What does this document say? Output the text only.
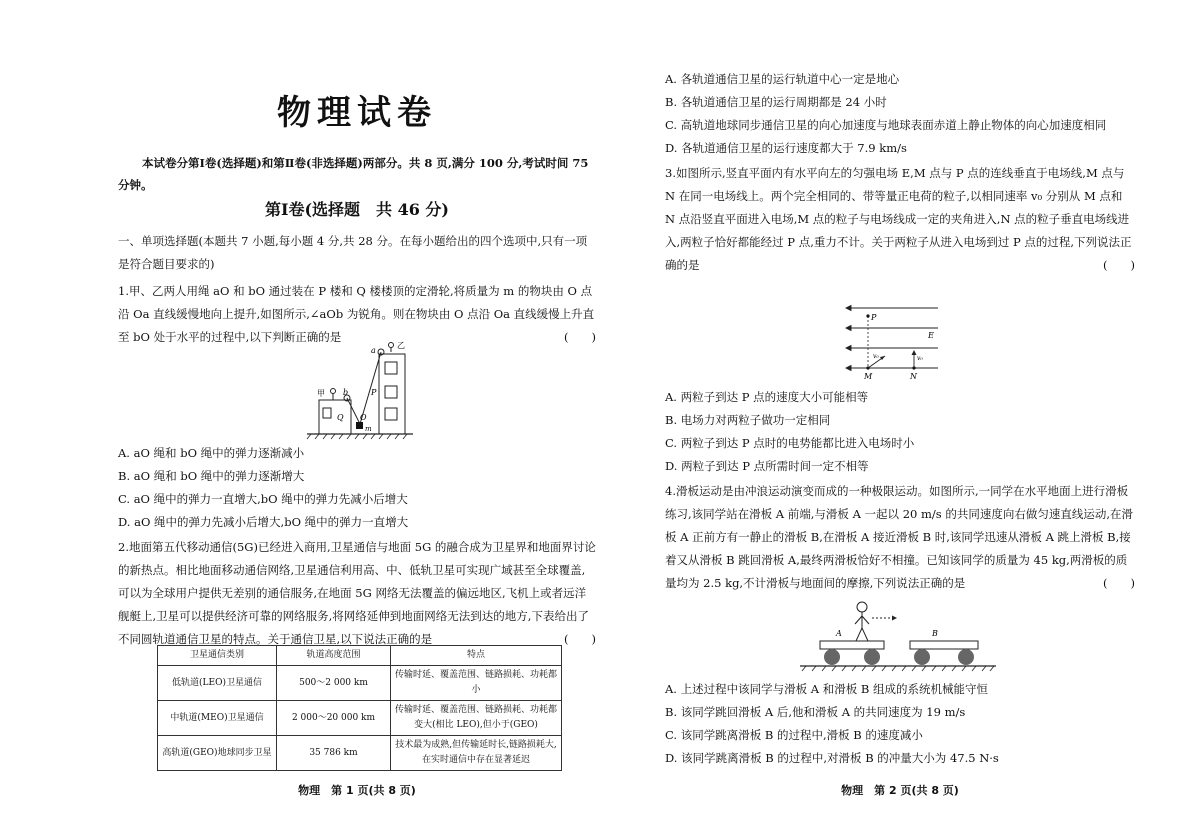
物理试卷
本试卷分第Ⅰ卷(选择题)和第Ⅱ卷(非选择题)两部分。共 8 页,满分 100 分,考试时间 75 分钟。
第Ⅰ卷(选择题　共 46 分)

一、单项选择题(本题共 7 小题,每小题 4 分,共 28 分。在每小题给出的四个选项中,只有一项是符合题目要求的)

1.甲、乙两人用绳 aO 和 bO 通过装在 P 楼和 Q 楼楼顶的定滑轮,将质量为 m 的物块由 O 点沿 Oa 直线缓慢地向上提升,如图所示,∠aOb 为锐角。则在物块由 O 点沿 Oa 直线缓慢上升直至 bO 处于水平的过程中,以下判断正确的是	(　　)

a
乙
甲 b	P
Q O
m

A. aO 绳和 bO 绳中的弹力逐渐减小

B. aO 绳和 bO 绳中的弹力逐渐增大

C. aO 绳中的弹力一直增大,bO 绳中的弹力先减小后增大

D. aO 绳中的弹力先减小后增大,bO 绳中的弹力一直增大

2.地面第五代移动通信(5G)已经进入商用,卫星通信与地面 5G 的融合成为卫星界和地面界讨论的新热点。相比地面移动通信网络,卫星通信利用高、中、低轨卫星可实现广域甚至全球覆盖,可以为全球用户提供无差别的通信服务,在地面 5G 网络无法覆盖的偏远地区,飞机上或者远洋舰艇上,卫星可以提供经济可靠的网络服务,将网络延伸到地面网络无法到达的地方,下表给出了不同圆轨道通信卫星的特点。关于通信卫星,以下说法正确的是	(　　)

卫星通信类别	轨道高度范围	特点
低轨道(LEO)卫星通信	500～2 000 km	传输时延、覆盖范围、链路损耗、功耗都小
中轨道(MEO)卫星通信	2 000～20 000 km	传输时延、覆盖范围、链路损耗、功耗都变大(相比 LEO),但小于(GEO)
高轨道(GEO)地球同步卫星	35 786 km	技术最为成熟,但传输延时长,链路损耗大,在实时通信中存在显著延迟
物理　第 1 页(共 8 页)

A. 各轨道通信卫星的运行轨道中心一定是地心

B. 各轨道通信卫星的运行周期都是 24 小时

C. 高轨道地球同步通信卫星的向心加速度与地球表面赤道上静止物体的向心加速度相同

D. 各轨道通信卫星的运行速度都大于 7.9 km/s

3.如图所示,竖直平面内有水平向左的匀强电场 E,M 点与 P 点的连线垂直于电场线,M 点与 N 在同一电场线上。两个完全相同的、带等量正电荷的粒子,以相同速率 v₀ 分别从 M 点和 N 点沿竖直平面进入电场,M 点的粒子与电场线成一定的夹角进入,N 点的粒子垂直电场线进入,两粒子恰好都能经过 P 点,重力不计。关于两粒子从进入电场到过 P 点的过程,下列说法正确的是	(　　)

P
E
v₀	v₀
M	N

A. 两粒子到达 P 点的速度大小可能相等

B. 电场力对两粒子做功一定相同

C. 两粒子到达 P 点时的电势能都比进入电场时小

D. 两粒子到达 P 点所需时间一定不相等

4.滑板运动是由冲浪运动演变而成的一种极限运动。如图所示,一同学在水平地面上进行滑板练习,该同学站在滑板 A 前端,与滑板 A 一起以 20 m/s 的共同速度向右做匀速直线运动,在滑板 A 正前方有一静止的滑板 B,在滑板 A 接近滑板 B 时,该同学迅速从滑板 A 跳上滑板 B,接着又从滑板 B 跳回滑板 A,最终两滑板恰好不相撞。已知该同学的质量为 45 kg,两滑板的质量均为 2.5 kg,不计滑板与地面间的摩擦,下列说法正确的是	(　　)

A	B

A. 上述过程中该同学与滑板 A 和滑板 B 组成的系统机械能守恒

B. 该同学跳回滑板 A 后,他和滑板 A 的共同速度为 19 m/s

C. 该同学跳离滑板 B 的过程中,滑板 B 的速度减小

D. 该同学跳离滑板 B 的过程中,对滑板 B 的冲量大小为 47.5 N·s

物理　第 2 页(共 8 页)
